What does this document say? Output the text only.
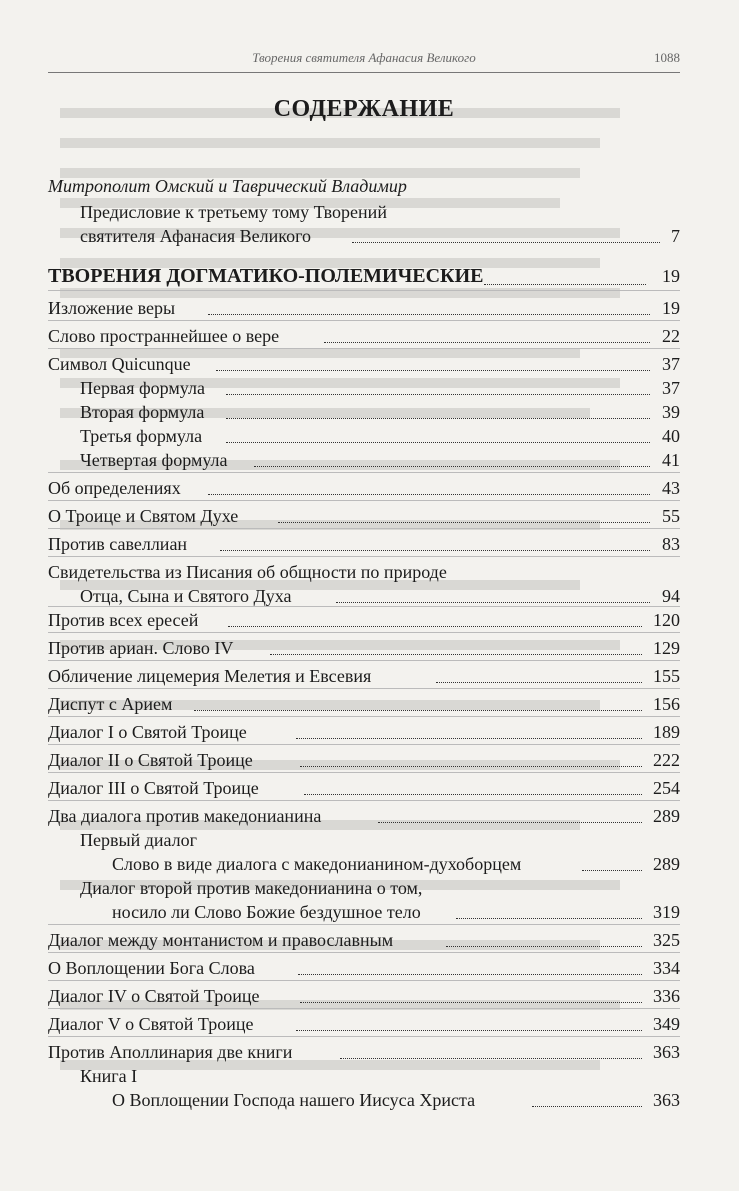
Творения святителя Афанасия Великого	1088
СОДЕРЖАНИЕ
Митрополит Омский и Таврический Владимир
Предисловие к третьему тому Творений
святителя Афанасия Великого	7
ТВОРЕНИЯ ДОГМАТИКО-ПОЛЕМИЧЕСКИЕ	19
Изложение веры	19
Слово пространнейшее о вере	22
Символ Quicunque	37
Первая формула	37
Вторая формула	39
Третья формула	40
Четвертая формула	41
Об определениях	43
О Троице и Святом Духе	55
Против савеллиан	83
Свидетельства из Писания об общности по природе
Отца, Сына и Святого Духа	94
Против всех ересей	120
Против ариан. Слово IV	129
Обличение лицемерия Мелетия и Евсевия	155
Диспут с Арием	156
Диалог I о Святой Троице	189
Диалог II о Святой Троице	222
Диалог III о Святой Троице	254
Два диалога против македонианина	289
Первый диалог
Слово в виде диалога с македонианином-духоборцем	289
Диалог второй против македонианина о том,
носило ли Слово Божие бездушное тело	319
Диалог между монтанистом и православным	325
О Воплощении Бога Слова	334
Диалог IV о Святой Троице	336
Диалог V о Святой Троице	349
Против Аполлинария две книги	363
Книга I
О Воплощении Господа нашего Иисуса Христа	363
